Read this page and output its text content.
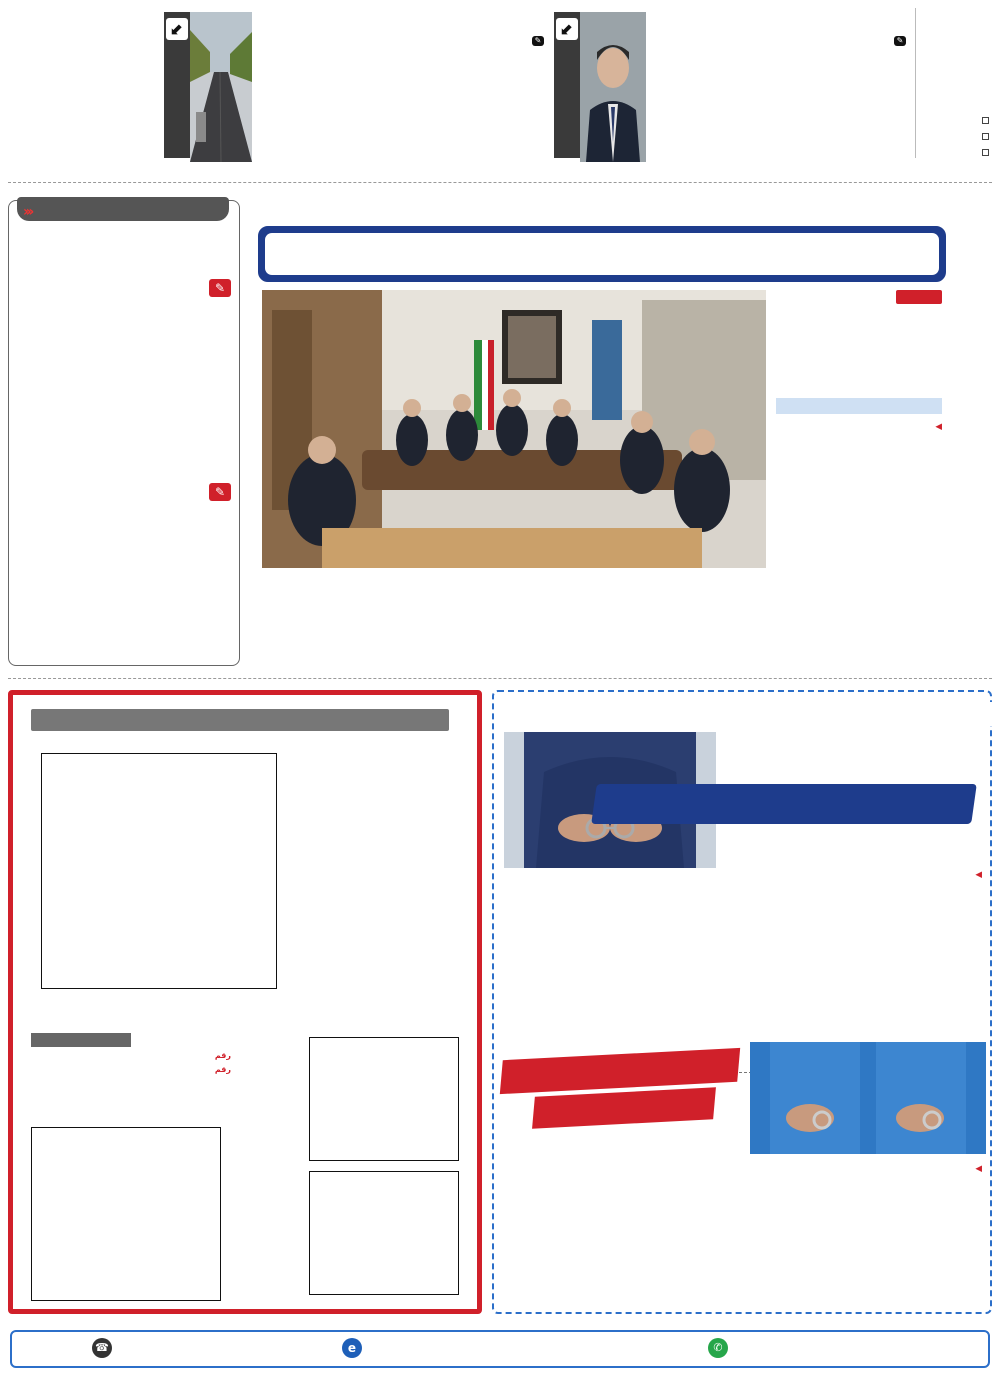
⬋
✎
⬋
✎
‹‹‹
✎
✎
◀
رقم
رقم
◀
◀
✆
e
☎
